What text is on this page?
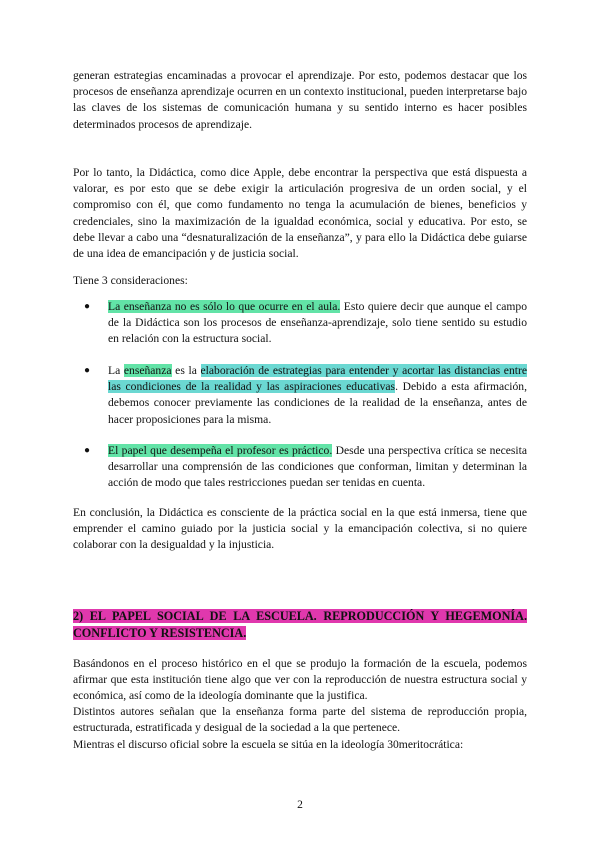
generan estrategias encaminadas a provocar el aprendizaje. Por esto, podemos destacar que los procesos de enseñanza aprendizaje ocurren en un contexto institucional, pueden interpretarse bajo las claves de los sistemas de comunicación humana y su sentido interno es hacer posibles determinados procesos de aprendizaje.

Por lo tanto, la Didáctica, como dice Apple, debe encontrar la perspectiva que está dispuesta a valorar, es por esto que se debe exigir la articulación progresiva de un orden social, y el compromiso con él, que como fundamento no tenga la acumulación de bienes, beneficios y credenciales, sino la maximización de la igualdad económica, social y educativa. Por esto, se debe llevar a cabo una “desnaturalización de la enseñanza”, y para ello la Didáctica debe guiarse de una idea de emancipación y de justicia social.

Tiene 3 consideraciones:

● La enseñanza no es sólo lo que ocurre en el aula. Esto quiere decir que aunque el campo de la Didáctica son los procesos de enseñanza-aprendizaje, solo tiene sentido su estudio en relación con la estructura social.
● La enseñanza es la elaboración de estrategias para entender y acortar las distancias entre las condiciones de la realidad y las aspiraciones educativas. Debido a esta afirmación, debemos conocer previamente las condiciones de la realidad de la enseñanza, antes de hacer proposiciones para la misma.
● El papel que desempeña el profesor es práctico. Desde una perspectiva crítica se necesita desarrollar una comprensión de las condiciones que conforman, limitan y determinan la acción de modo que tales restricciones puedan ser tenidas en cuenta.

En conclusión, la Didáctica es consciente de la práctica social en la que está inmersa, tiene que emprender el camino guiado por la justicia social y la emancipación colectiva, si no quiere colaborar con la desigualdad y la injusticia.

2) EL PAPEL SOCIAL DE LA ESCUELA. REPRODUCCIÓN Y HEGEMONÍA. CONFLICTO Y RESISTENCIA.

Basándonos en el proceso histórico en el que se produjo la formación de la escuela, podemos afirmar que esta institución tiene algo que ver con la reproducción de nuestra estructura social y económica, así como de la ideología dominante que la justifica.

Distintos autores señalan que la enseñanza forma parte del sistema de reproducción propia, estructurada, estratificada y desigual de la sociedad a la que pertenece.

Mientras el discurso oficial sobre la escuela se sitúa en la ideología 30meritocrática:

2
